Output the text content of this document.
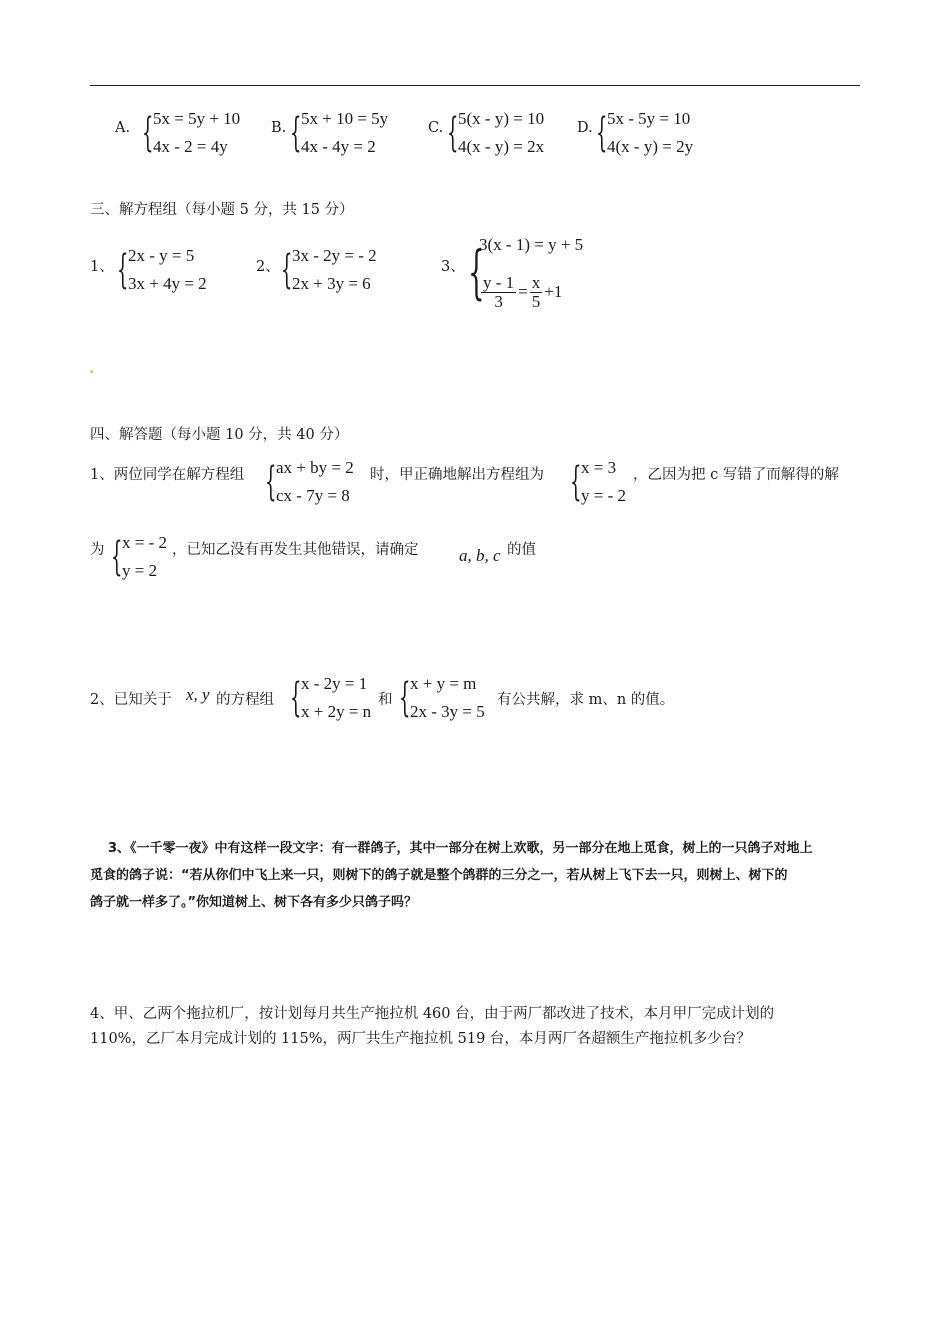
A. { 5x = 5y + 10
4x - 2 = 4y
B. { 5x + 10 = 5y
4x - 4y = 2
C. { 5(x - y) = 10
4(x - y) = 2x
D. { 5x - 5y = 10
4(x - y) = 2y
三、解方程组（每小题 5 分，共 15 分）
1、 { 2x - y = 5
3x + 4y = 2
2、 { 3x - 2y = - 2
2x + 3y = 6
3、 {
3(x - 1) = y + 5
$\frac{y - 1}{3} = \frac{x}{5} +1$
四、解答题（每小题 10 分，共 40 分）
1、两位同学在解方程组 { ax + by = 2
cx - 7y = 8
时，甲正确地解出方程组为 { x = 3
y = - 2
，乙因为把 c 写错了而解得的解
为 { x = - 2
y = 2
，已知乙没有再发生其他错误，请确定 a, b, c 的值
2、已知关于 x, y 的方程组 { x - 2y = 1
x + 2y = n
和 { x + y = m
2x - 3y = 5
有公共解，求 m、n 的值。
3、《一千零一夜》中有这样一段文字：有一群鸽子，其中一部分在树上欢歌，另一部分在地上觅食，树上的一只鸽子对地上
觅食的鸽子说：“若从你们中飞上来一只，则树下的鸽子就是整个鸽群的三分之一，若从树上飞下去一只，则树上、树下的
鸽子就一样多了。”你知道树上、树下各有多少只鸽子吗？
4、甲、乙两个拖拉机厂，按计划每月共生产拖拉机 460 台，由于两厂都改进了技术，本月甲厂完成计划的
110%，乙厂本月完成计划的 115%，两厂共生产拖拉机 519 台，本月两厂各超额生产拖拉机多少台？
